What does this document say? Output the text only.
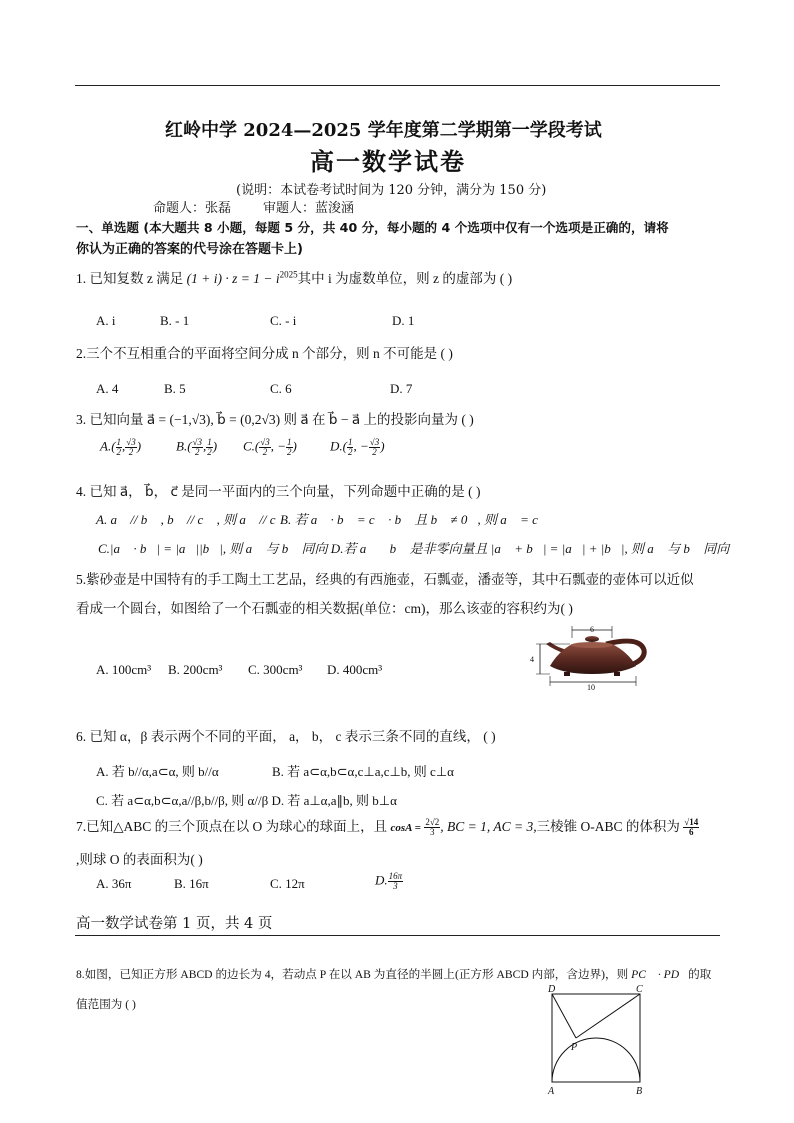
红岭中学 2024—2025 学年度第二学期第一学段考试
高一数学试卷
(说明：本试卷考试时间为 120 分钟，满分为 150 分)
命题人：张磊 审题人：蓝浚涵
一、单选题 (本大题共 8 小题，每题 5 分，共 40 分，每小题的 4 个选项中仅有一个选项是正确的，请将
你认为正确的答案的代号涂在答题卡上)
1. 已知复数 z 满足 $(1 + i) \cdot z = 1 - i^{2025}$其中 i 为虚数单位，则 z 的虚部为 ( )
A. i	B. - 1	C. - i	D. 1
2.三个不互相重合的平面将空间分成 n 个部分，则 n 不可能是 ( )
A. 4	B. 5	C. 6	D. 7
3. 已知向量 a⃗ = (−1,√3), b⃗ = (0,2√3) 则 a⃗ 在 b⃗ − a⃗ 上的投影向量为 ( )
$A.( \frac{1}{2}$ , $\frac{√3}{2}$ )	$B.( \frac{√3}{2}$ , $\frac{1}{2}$ ) $C.( \frac{√3}{2}$ , − $\frac{1}{2}$ )	$D.( \frac{1}{2}$ , − $\frac{√3}{2}$ )
4. 已知 a⃗， b⃗， c⃗ 是同一平面内的三个向量，下列命题中正确的是 ( )
A. a⃗ // b⃗ , b⃗ // c⃗ , 则 a⃗ // c⃗
B. 若 a⃗ · b⃗ = c⃗ · b⃗ 且 b⃗ ≠ 0⃗, 则 a⃗ = c⃗
C.|a⃗ · b⃗| = |a⃗||b⃗|, 则 a⃗ 与 b⃗ 同向 D.若 a⃗， b⃗ 是非零向量且 |a⃗ + b⃗| = |a⃗| + |b⃗|, 则 a⃗ 与 b⃗ 同向
5.紫砂壶是中国特有的手工陶土工艺品，经典的有西施壶，石瓢壶，潘壶等，其中石瓢壶的壶体可以近似
看成一个圆台，如图给了一个石瓢壶的相关数据(单位：cm)，那么该壶的容积约为( )
A. 100cm³ B. 200cm³ C. 300cm³ D. 400cm³
6
4
10
6. 已知 α，β 表示两个不同的平面， a， b， c 表示三条不同的直线， ( )
A. 若 b//α,a⊂α, 则 b//α	B. 若 a⊂α,b⊂α,c⊥a,c⊥b, 则 c⊥α
C. 若 a⊂α,b⊂α,a//β,b//β, 则 α//β D. 若 a⊥α,a∥b, 则 b⊥α
7.已知△ABC 的三个顶点在以 O 为球心的球面上，且 $\cos A = \frac{2√2}{3}$ , BC = 1, AC = 3,三棱锥 O-ABC 的体积为 $\frac{√14}{6}$
,则球 O 的表面积为( )
A. 36π	B. 16π	C. 12π	D. $\frac{16\pi}{3}$
高一数学试卷第 1 页，共 4 页
8.如图，已知正方形 ABCD 的边长为 4，若动点 P 在以 AB 为直径的半圆上(正方形 ABCD 内部，含边界)，则 PC⃗ · PD⃗的取
值范围为 ( )
D	C
P
A	B
